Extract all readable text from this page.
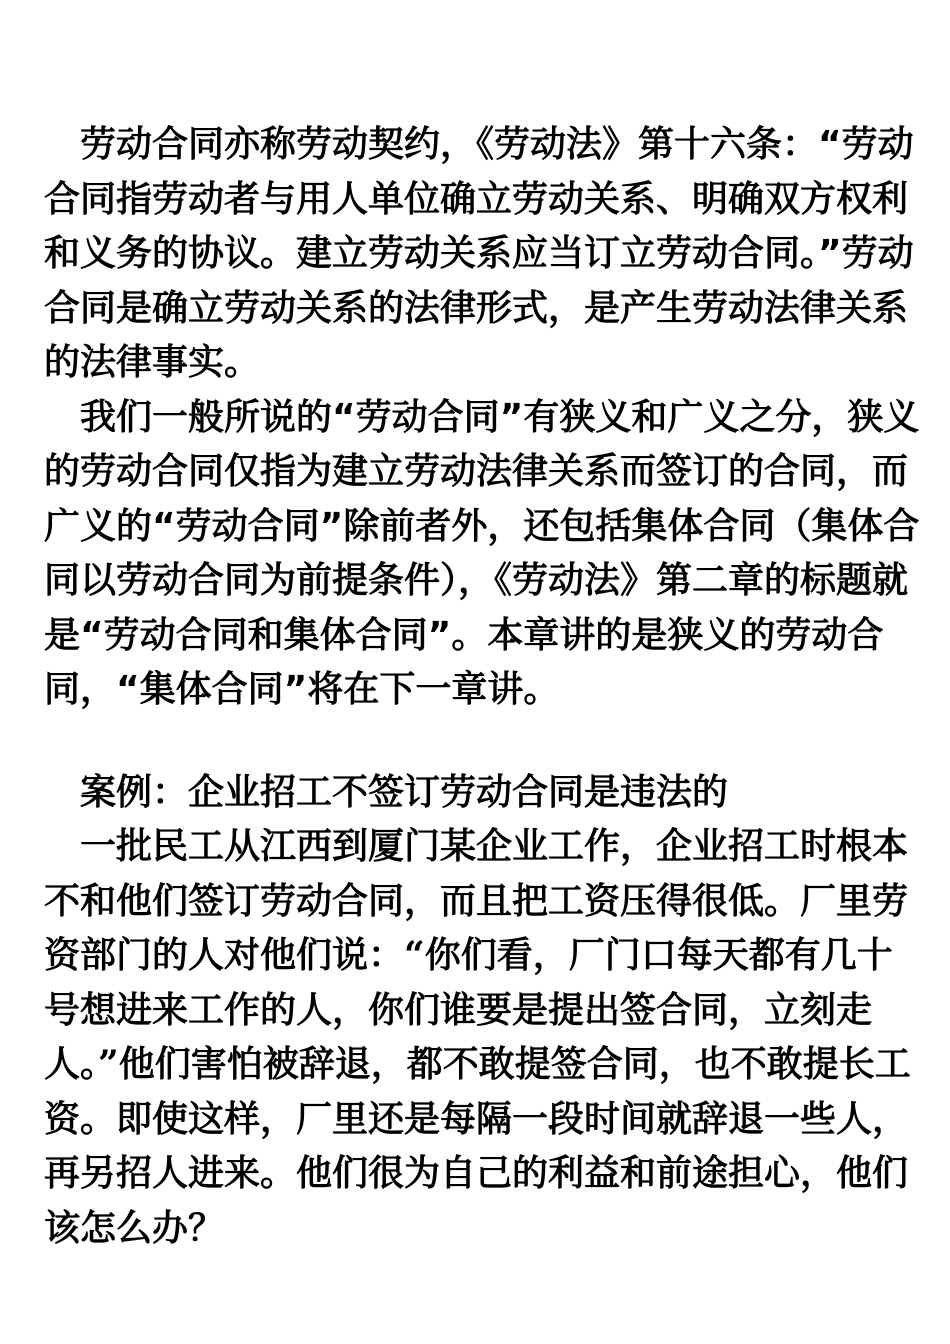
劳动合同亦称劳动契约，《劳动法》第十六条：“劳动合同指劳动者与用人单位确立劳动关系、明确双方权利和义务的协议。建立劳动关系应当订立劳动合同。”劳动合同是确立劳动关系的法律形式，是产生劳动法律关系的法律事实。

我们一般所说的“劳动合同”有狭义和广义之分，狭义的劳动合同仅指为建立劳动法律关系而签订的合同，而广义的“劳动合同”除前者外，还包括集体合同（集体合同以劳动合同为前提条件），《劳动法》第二章的标题就是“劳动合同和集体合同”。本章讲的是狭义的劳动合同，“集体合同”将在下一章讲。

案例：企业招工不签订劳动合同是违法的

一批民工从江西到厦门某企业工作，企业招工时根本不和他们签订劳动合同，而且把工资压得很低。厂里劳资部门的人对他们说：“你们看，厂门口每天都有几十号想进来工作的人，你们谁要是提出签合同，立刻走人。”他们害怕被辞退，都不敢提签合同，也不敢提长工资。即使这样，厂里还是每隔一段时间就辞退一些人，再另招人进来。他们很为自己的利益和前途担心，他们该怎么办？
